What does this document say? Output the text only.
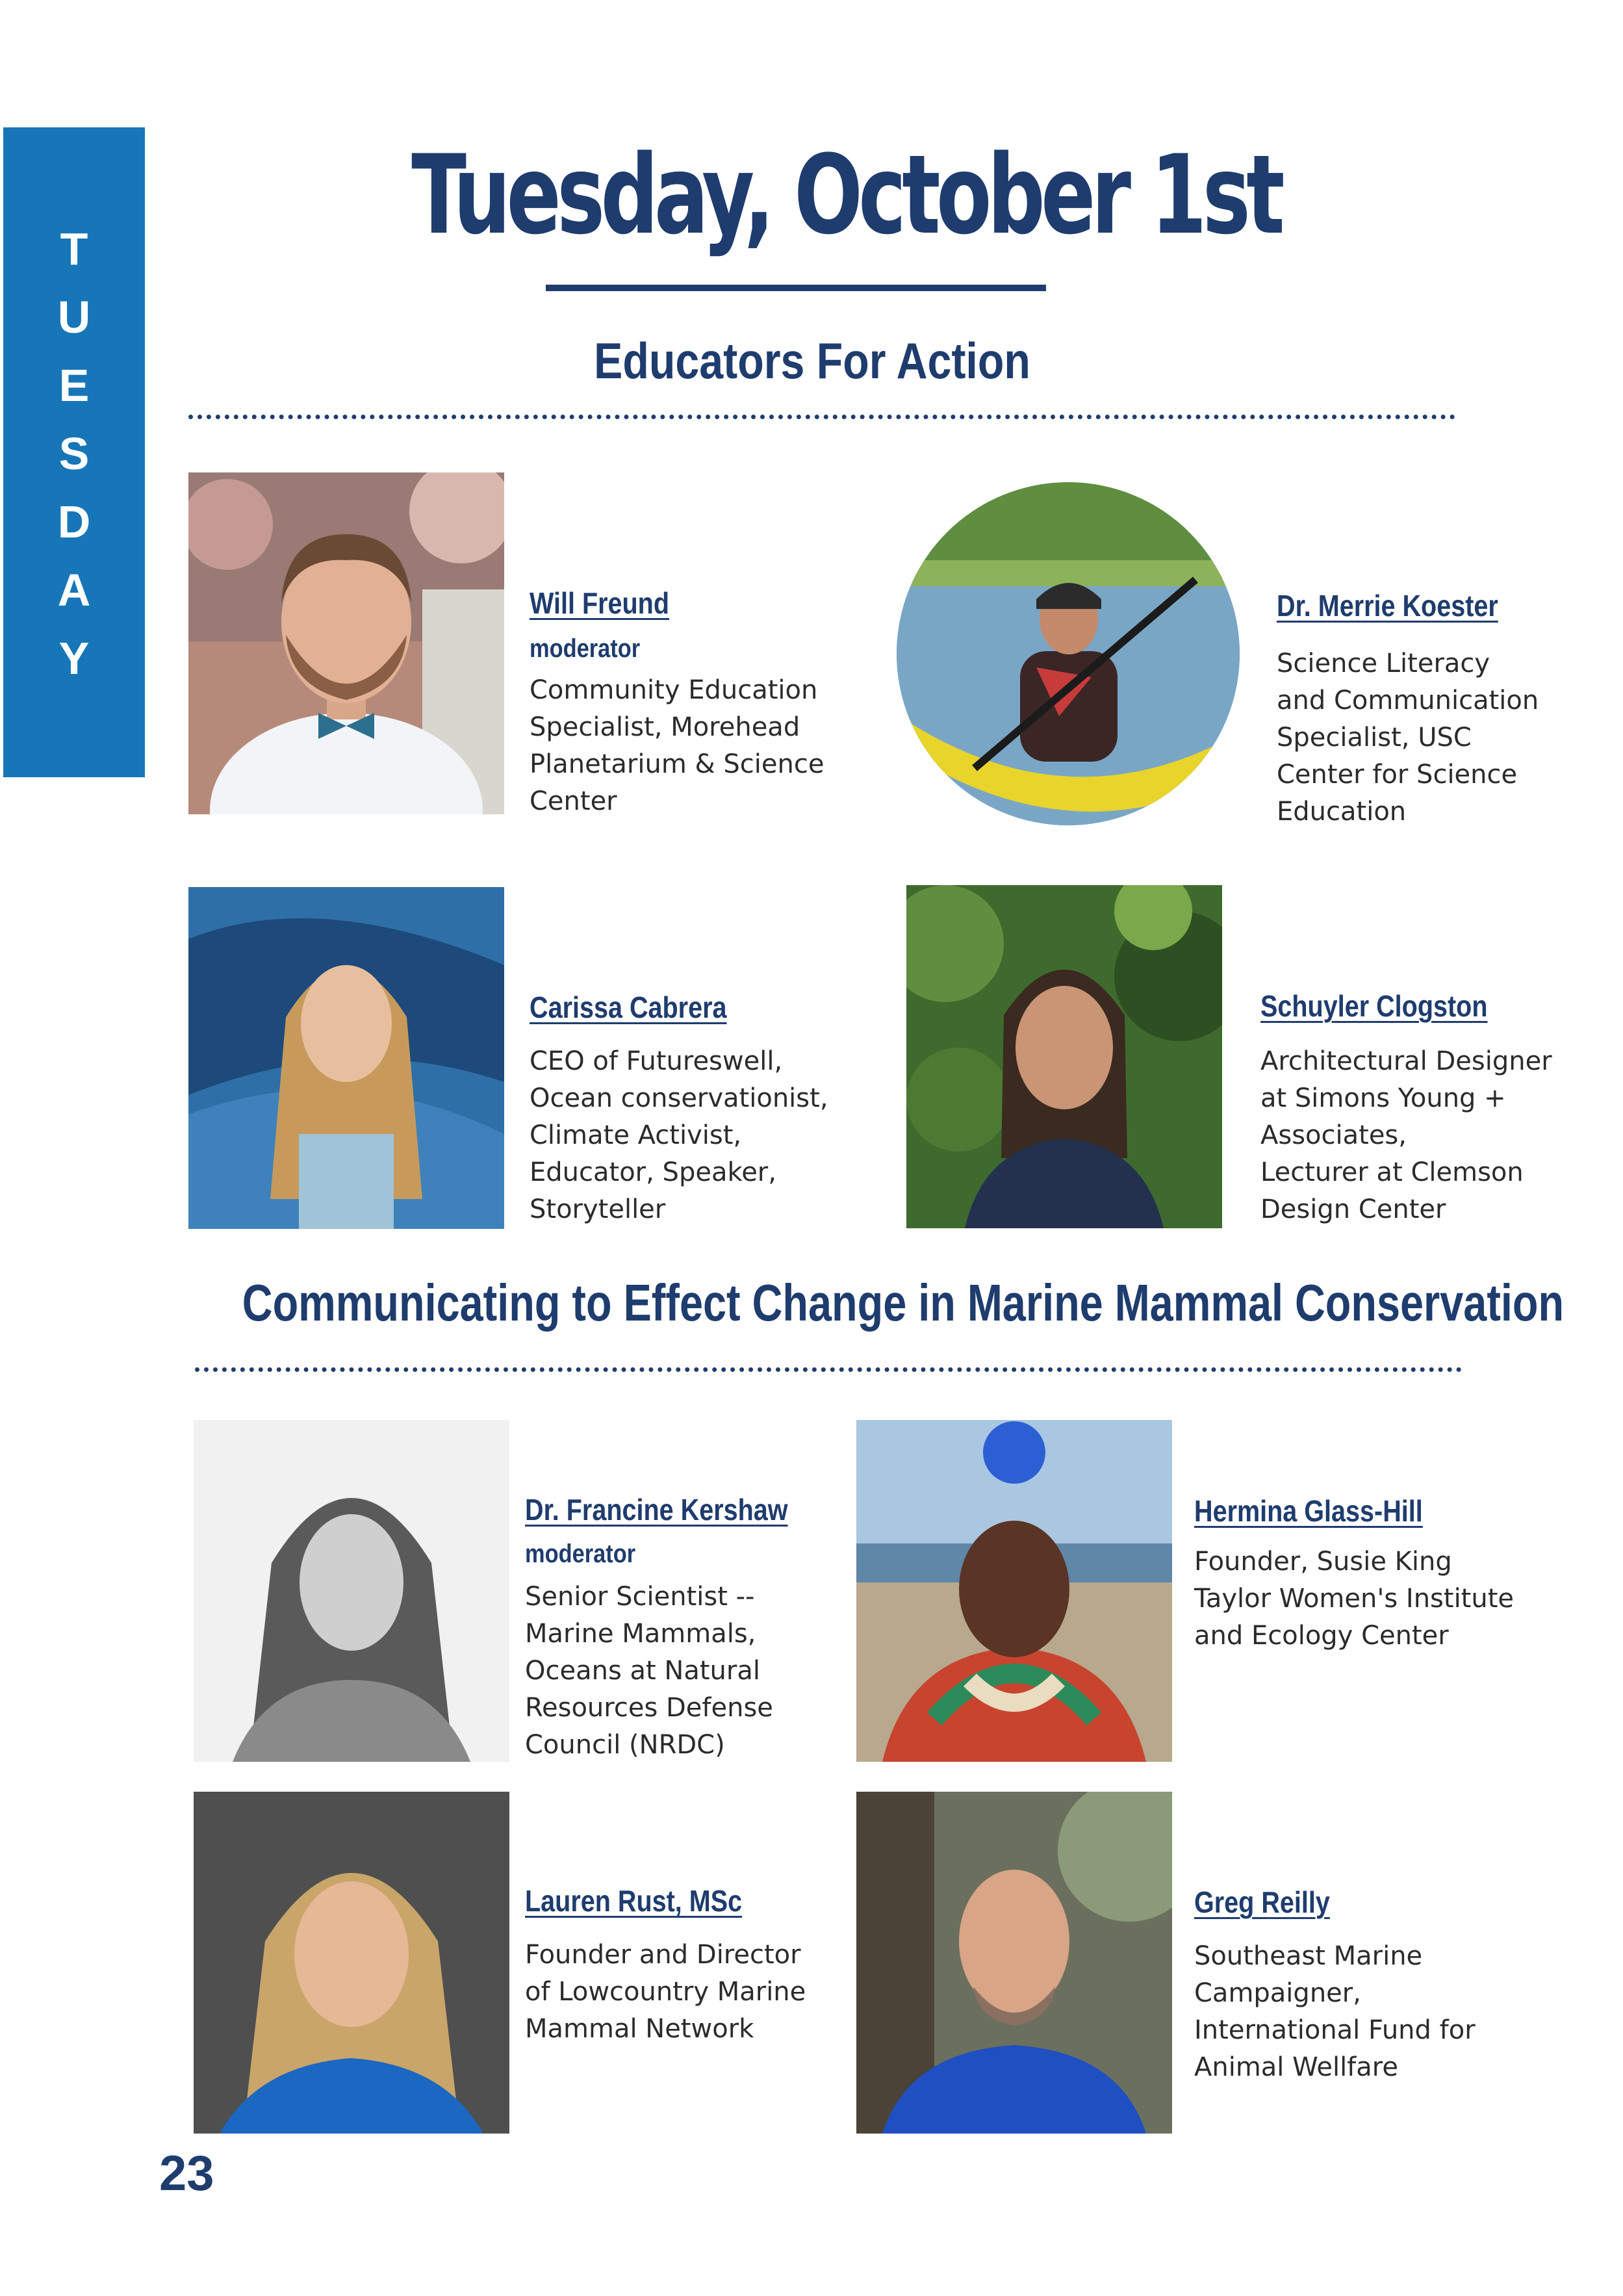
T
U
E
S
D
A
Y
Tuesday, October 1st
Educators For Action
Will Freund
moderator
Community Education
Specialist, Morehead
Planetarium & Science
Center
Dr. Merrie Koester
Science Literacy
and Communication
Specialist, USC
Center for Science
Education
Carissa Cabrera
CEO of Futureswell,
Ocean conservationist,
Climate Activist,
Educator, Speaker,
Storyteller
Schuyler Clogston
Architectural Designer
at Simons Young +
Associates,
Lecturer at Clemson
Design Center
Communicating to Effect Change in Marine Mammal Conservation
Dr. Francine Kershaw
moderator
Senior Scientist --
Marine Mammals,
Oceans at Natural
Resources Defense
Council (NRDC)
Hermina Glass-Hill
Founder, Susie King
Taylor Women's Institute
and Ecology Center
Lauren Rust, MSc
Founder and Director
of Lowcountry Marine
Mammal Network
Greg Reilly
Southeast Marine
Campaigner,
International Fund for
Animal Wellfare
23
